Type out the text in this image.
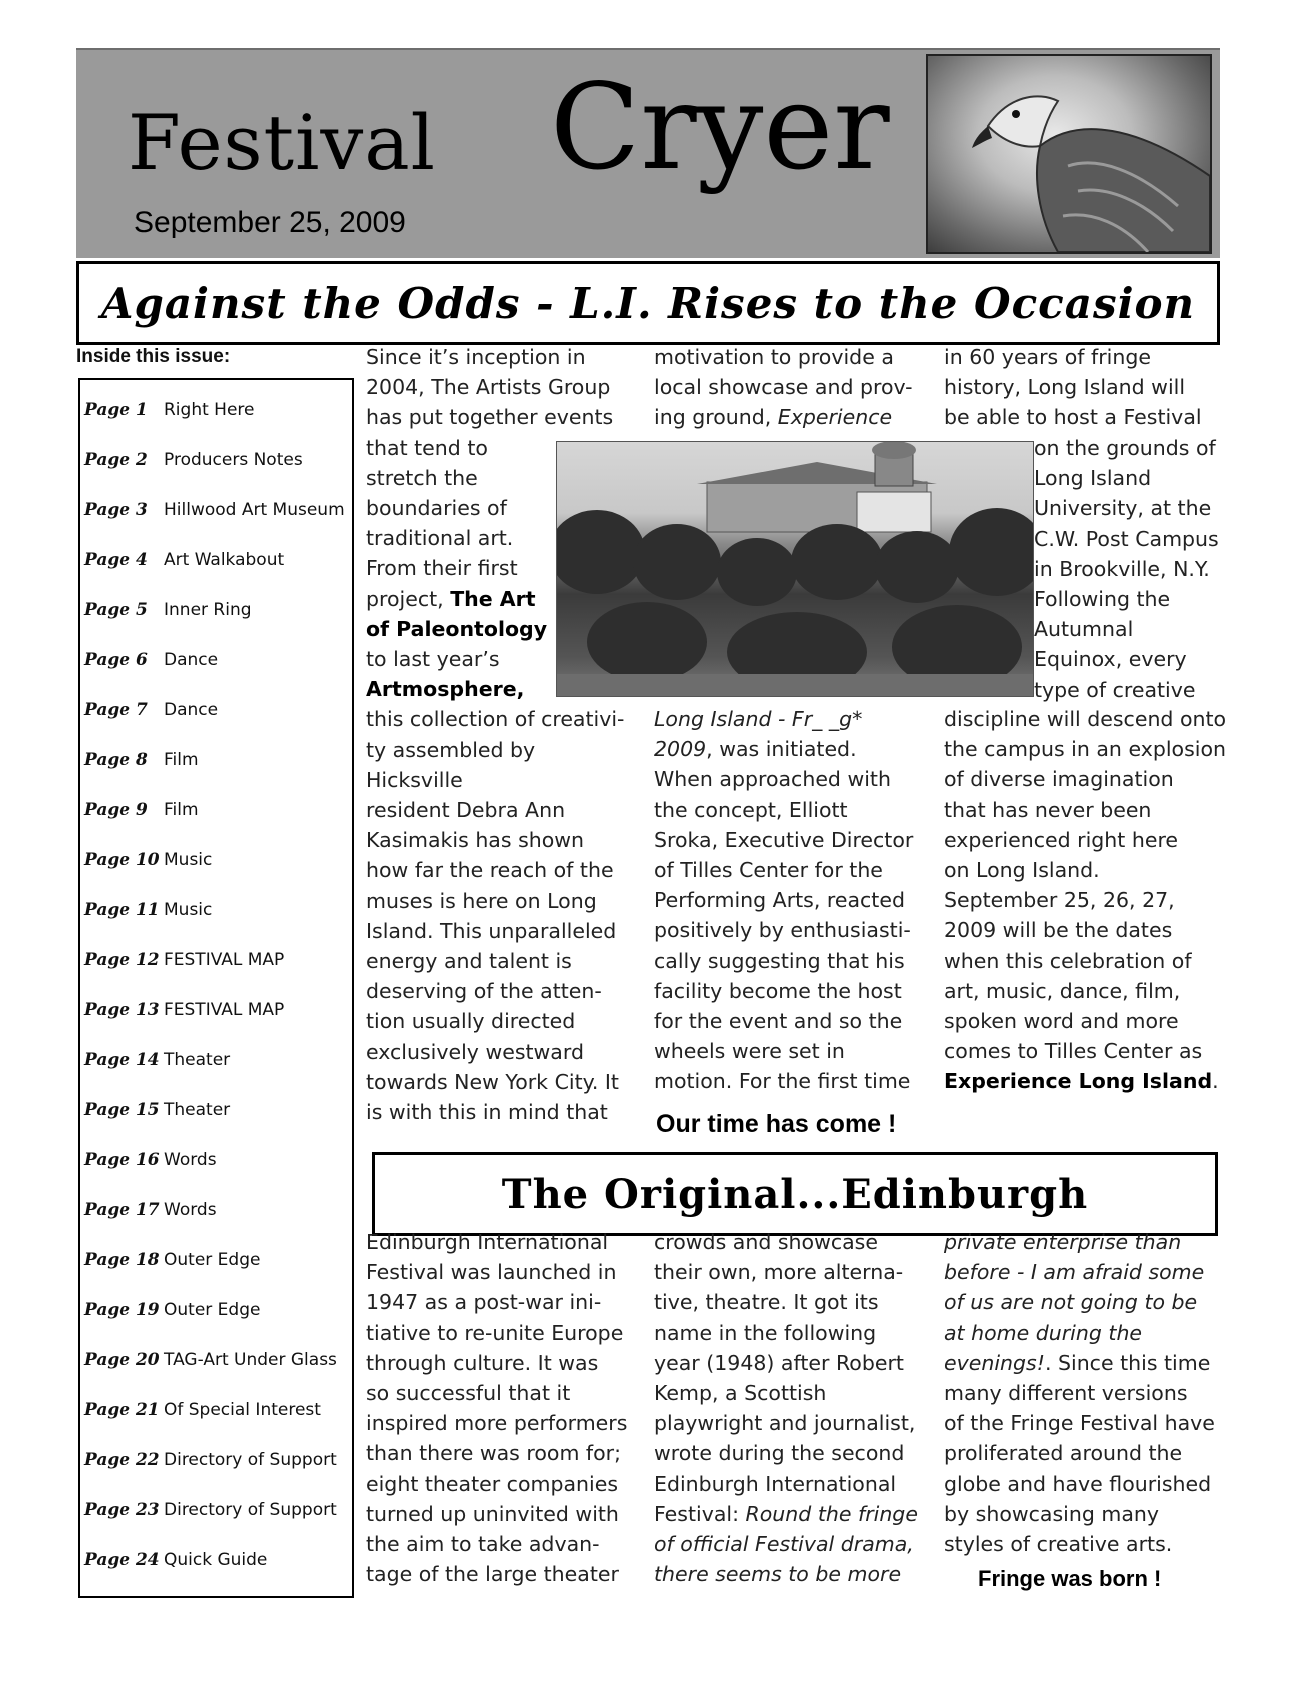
Festival Cryer
September 25, 2009
Against the Odds - L.I. Rises to the Occasion
Inside this issue:
Page 1 Right Here
Page 2 Producers Notes
Page 3 Hillwood Art Museum
Page 4 Art Walkabout
Page 5 Inner Ring
Page 6 Dance
Page 7 Dance
Page 8 Film
Page 9 Film
Page 10 Music
Page 11 Music
Page 12 FESTIVAL MAP
Page 13 FESTIVAL MAP
Page 14 Theater
Page 15 Theater
Page 16 Words
Page 17 Words
Page 18 Outer Edge
Page 19 Outer Edge
Page 20 TAG-Art Under Glass
Page 21 Of Special Interest
Page 22 Directory of Support
Page 23 Directory of Support
Page 24 Quick Guide

Since it’s inception in

2004, The Artists Group

has put together events

that tend to

stretch the

boundaries of

traditional art.

From their first

project, The Art

of Paleontology

to last year’s

Artmosphere,

this collection of creativi-

ty assembled by Hicksville

resident Debra Ann

Kasimakis has shown

how far the reach of the

muses is here on Long

Island. This unparalleled

energy and talent is

deserving of the atten-

tion usually directed

exclusively westward

towards New York City. It

is with this in mind that

motivation to provide a

local showcase and prov-

ing ground, Experience

Long Island - Fr_ _g*

2009, was initiated.

When approached with

the concept, Elliott

Sroka, Executive Director

of Tilles Center for the

Performing Arts, reacted

positively by enthusiasti-

cally suggesting that his

facility become the host

for the event and so the

wheels were set in

motion. For the first time

in 60 years of fringe

history, Long Island will

be able to host a Festival

on the grounds of

Long Island

University, at the

C.W. Post Campus

in Brookville, N.Y.

Following the

Autumnal

Equinox, every

type of creative

discipline will descend onto

the campus in an explosion

of diverse imagination

that has never been

experienced right here

on Long Island.

September 25, 26, 27,

2009 will be the dates

when this celebration of

art, music, dance, film,

spoken word and more

comes to Tilles Center as

Experience Long Island.

Our time has come !
The Original...Edinburgh

Edinburgh International

Festival was launched in

1947 as a post-war ini-

tiative to re-unite Europe

through culture. It was

so successful that it

inspired more performers

than there was room for;

eight theater companies

turned up uninvited with

the aim to take advan-

tage of the large theater

crowds and showcase

their own, more alterna-

tive, theatre. It got its

name in the following

year (1948) after Robert

Kemp, a Scottish

playwright and journalist,

wrote during the second

Edinburgh International

Festival: Round the fringe

of official Festival drama,

there seems to be more

private enterprise than

before - I am afraid some

of us are not going to be

at home during the

evenings!. Since this time

many different versions

of the Fringe Festival have

proliferated around the

globe and have flourished

by showcasing many

styles of creative arts.

Fringe was born !
